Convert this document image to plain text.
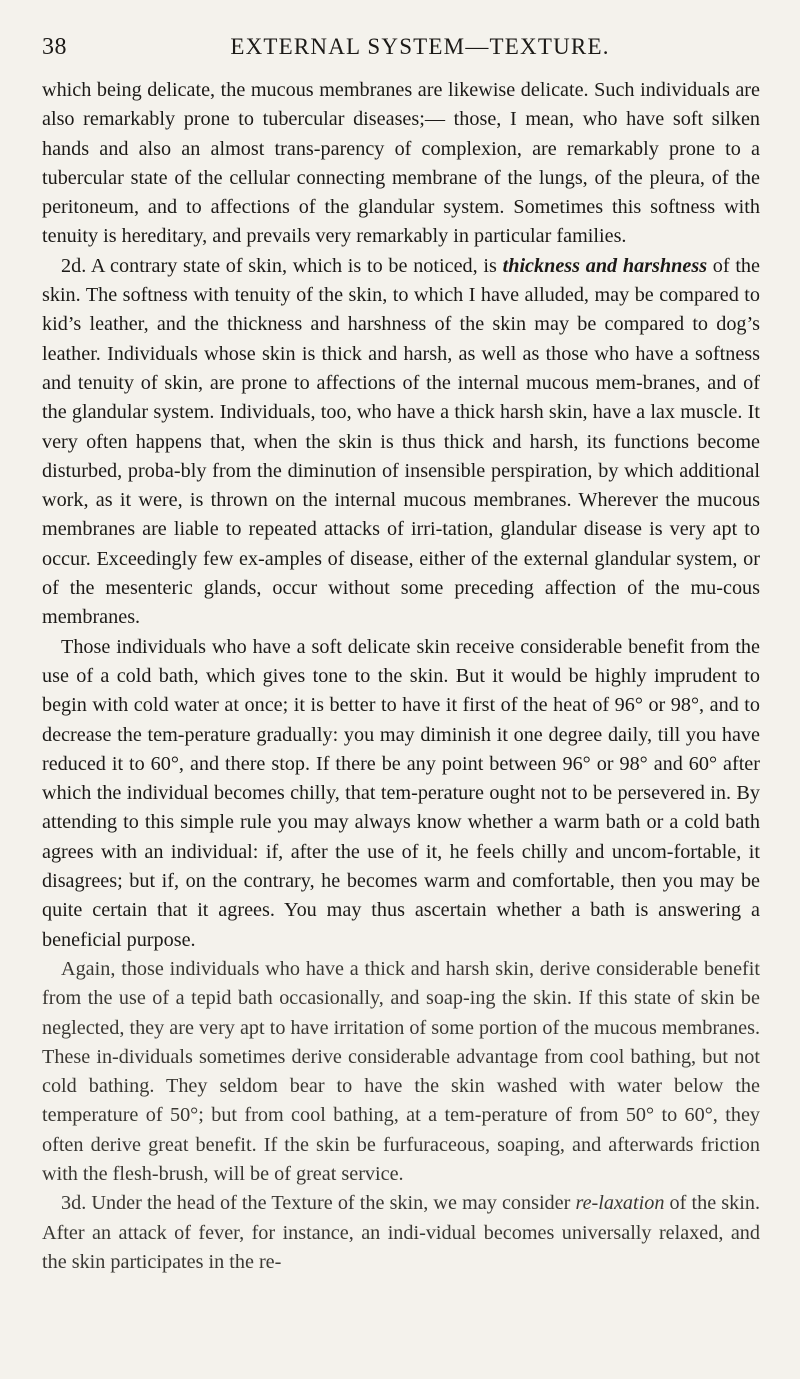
38	EXTERNAL SYSTEM—TEXTURE.

which being delicate, the mucous membranes are likewise delicate. Such individuals are also remarkably prone to tubercular diseases;— those, I mean, who have soft silken hands and also an almost trans-parency of complexion, are remarkably prone to a tubercular state of the cellular connecting membrane of the lungs, of the pleura, of the peritoneum, and to affections of the glandular system. Sometimes this softness with tenuity is hereditary, and prevails very remarkably in particular families.

2d. A contrary state of skin, which is to be noticed, is thickness and harshness of the skin. The softness with tenuity of the skin, to which I have alluded, may be compared to kid’s leather, and the thickness and harshness of the skin may be compared to dog’s leather. Individuals whose skin is thick and harsh, as well as those who have a softness and tenuity of skin, are prone to affections of the internal mucous mem-branes, and of the glandular system. Individuals, too, who have a thick harsh skin, have a lax muscle. It very often happens that, when the skin is thus thick and harsh, its functions become disturbed, proba-bly from the diminution of insensible perspiration, by which additional work, as it were, is thrown on the internal mucous membranes. Wherever the mucous membranes are liable to repeated attacks of irri-tation, glandular disease is very apt to occur. Exceedingly few ex-amples of disease, either of the external glandular system, or of the mesenteric glands, occur without some preceding affection of the mu-cous membranes.

Those individuals who have a soft delicate skin receive considerable benefit from the use of a cold bath, which gives tone to the skin. But it would be highly imprudent to begin with cold water at once; it is better to have it first of the heat of 96° or 98°, and to decrease the tem-perature gradually: you may diminish it one degree daily, till you have reduced it to 60°, and there stop. If there be any point between 96° or 98° and 60° after which the individual becomes chilly, that tem-perature ought not to be persevered in. By attending to this simple rule you may always know whether a warm bath or a cold bath agrees with an individual: if, after the use of it, he feels chilly and uncom-fortable, it disagrees; but if, on the contrary, he becomes warm and comfortable, then you may be quite certain that it agrees. You may thus ascertain whether a bath is answering a beneficial purpose.

Again, those individuals who have a thick and harsh skin, derive considerable benefit from the use of a tepid bath occasionally, and soap-ing the skin. If this state of skin be neglected, they are very apt to have irritation of some portion of the mucous membranes. These in-dividuals sometimes derive considerable advantage from cool bathing, but not cold bathing. They seldom bear to have the skin washed with water below the temperature of 50°; but from cool bathing, at a tem-perature of from 50° to 60°, they often derive great benefit. If the skin be furfuraceous, soaping, and afterwards friction with the flesh-brush, will be of great service.

3d. Under the head of the Texture of the skin, we may consider re-laxation of the skin. After an attack of fever, for instance, an indi-vidual becomes universally relaxed, and the skin participates in the re-
